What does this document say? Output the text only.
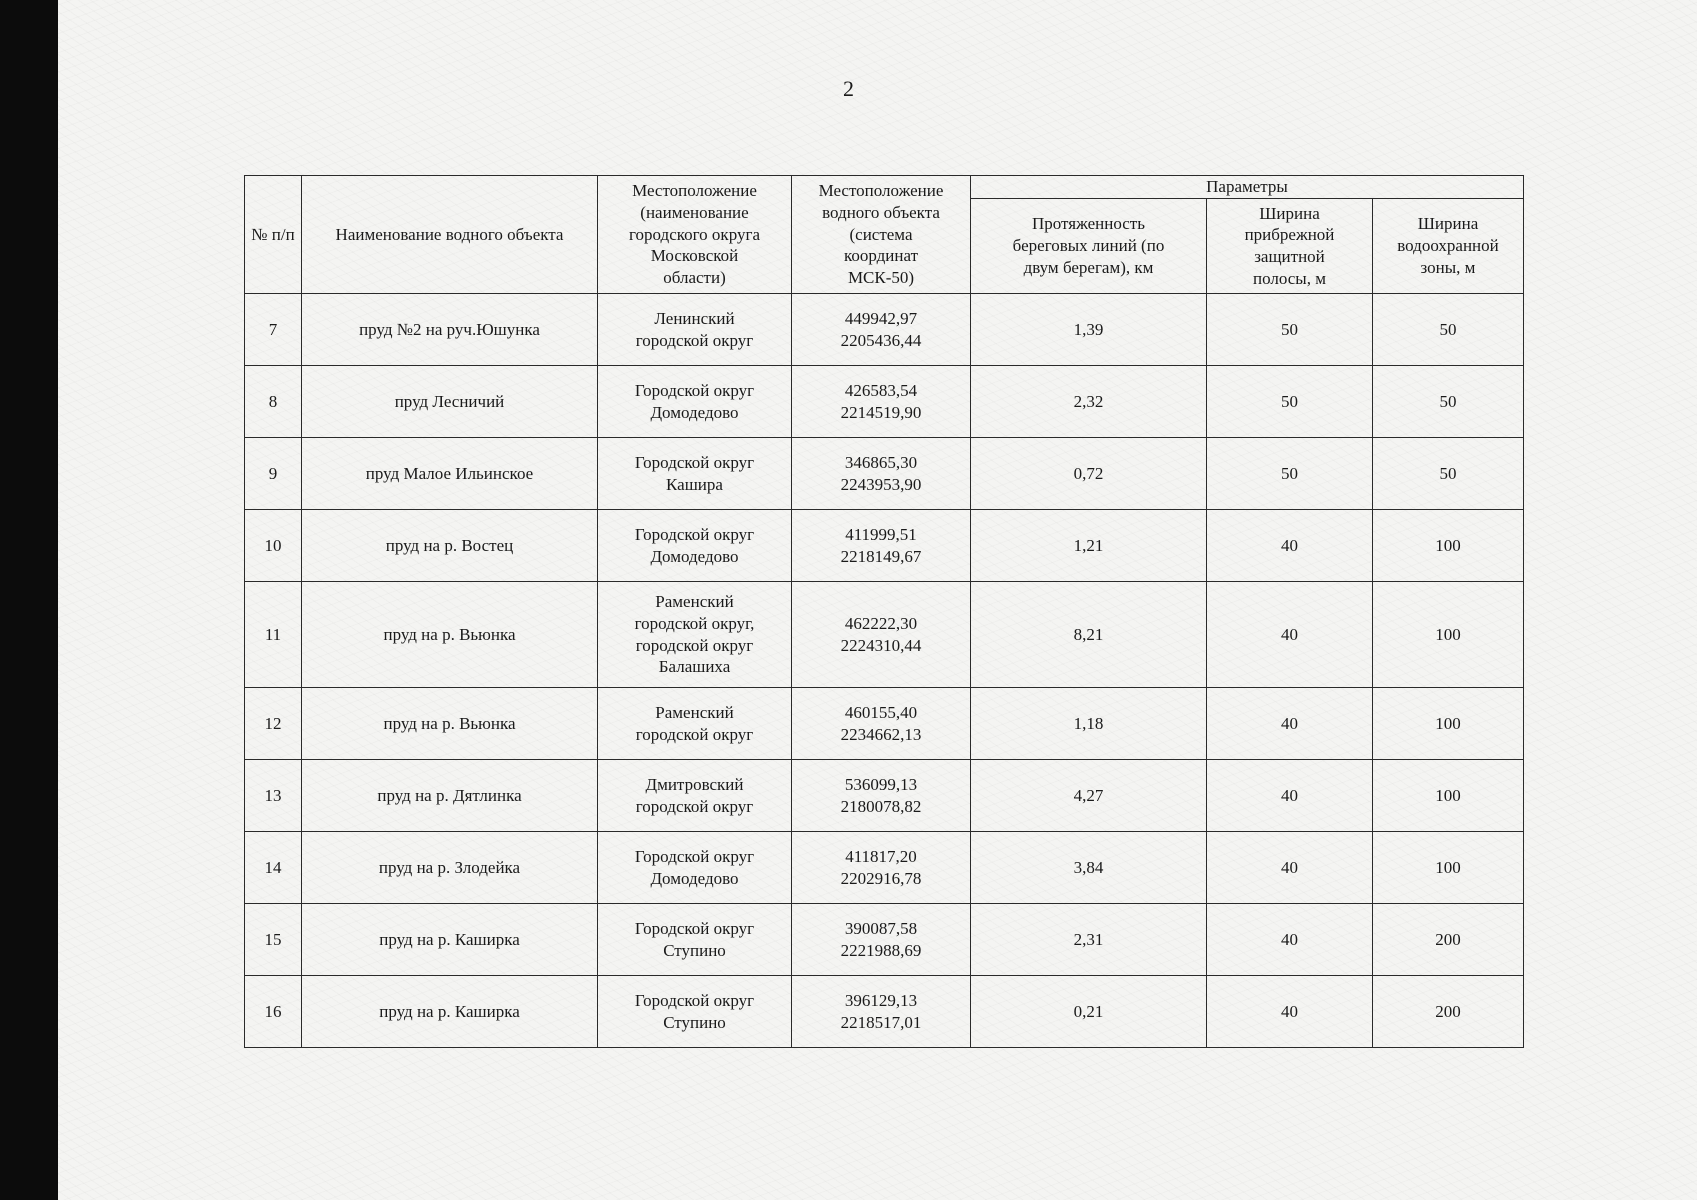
2
№ п/п	Наименование водного объекта	Местоположение
(наименование
городского округа
Московской
области)	Местоположение
водного объекта
(система
координат
МСК-50)	Параметры		

				Протяженность
береговых линий (по
двум берегам), км	Ширина
прибрежной
защитной
полосы, м	Ширина
водоохранной
зоны, м

7	пруд №2 на руч.Юшунка	Ленинский
городской округ	449942,97
2205436,44	1,39	50	50
8	пруд Лесничий	Городской округ
Домодедово	426583,54
2214519,90	2,32	50	50
9	пруд Малое Ильинское	Городской округ
Кашира	346865,30
2243953,90	0,72	50	50
10	пруд на р. Востец	Городской округ
Домодедово	411999,51
2218149,67	1,21	40	100
11	пруд на р. Вьюнка	Раменский
городской округ,
городской округ
Балашиха	462222,30
2224310,44	8,21	40	100
12	пруд на р. Вьюнка	Раменский
городской округ	460155,40
2234662,13	1,18	40	100
13	пруд на р. Дятлинка	Дмитровский
городской округ	536099,13
2180078,82	4,27	40	100
14	пруд на р. Злодейка	Городской округ
Домодедово	411817,20
2202916,78	3,84	40	100
15	пруд на р. Каширка	Городской округ
Ступино	390087,58
2221988,69	2,31	40	200
16	пруд на р. Каширка	Городской округ
Ступино	396129,13
2218517,01	0,21	40	200
